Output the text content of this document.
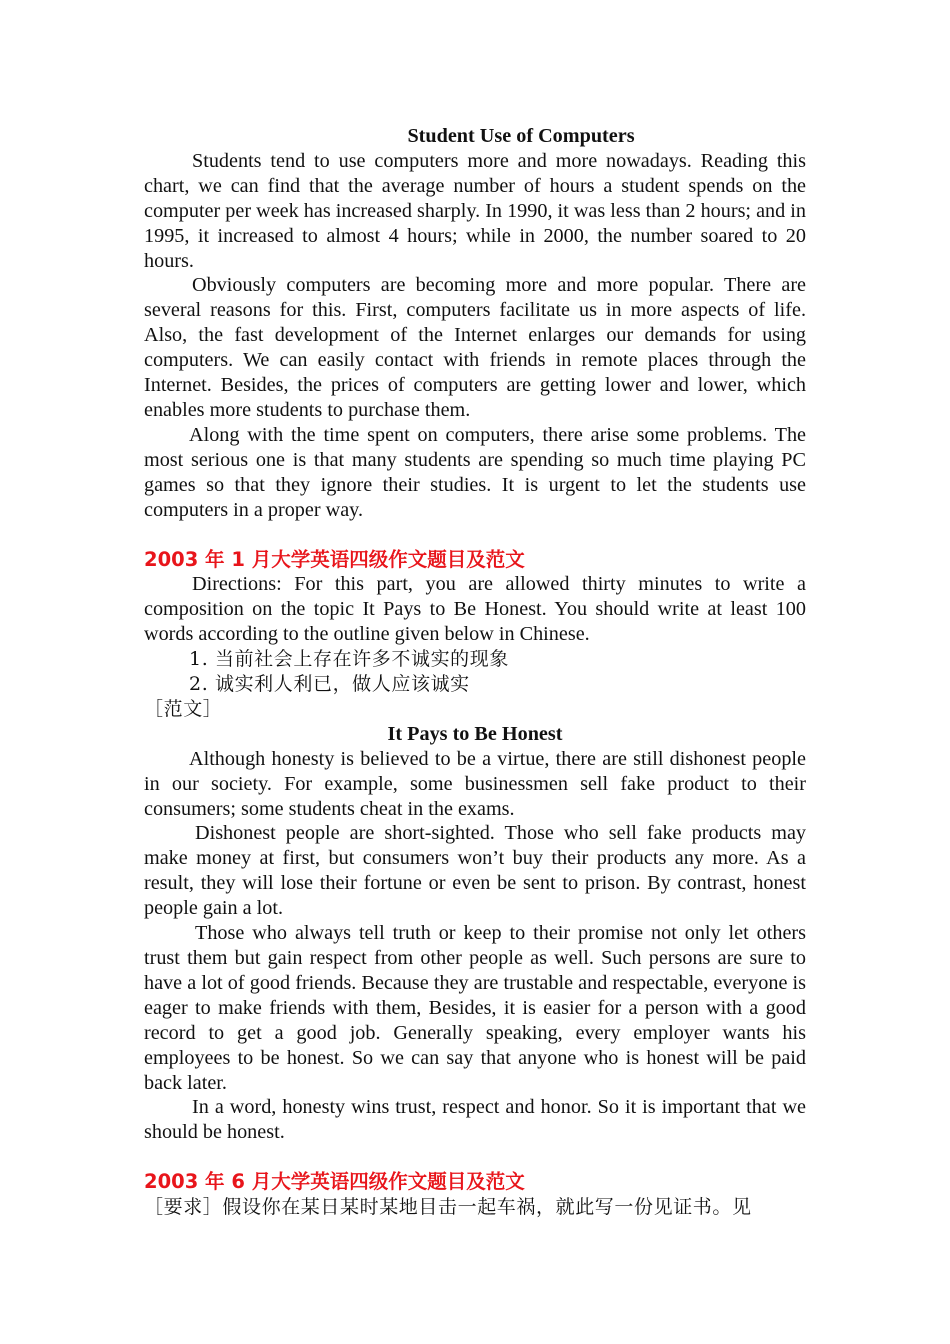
Student Use of Computers

Students tend to use computers more and more nowadays. Reading this chart, we can find that the average number of hours a student spends on the computer per week has increased sharply. In 1990, it was less than 2 hours; and in 1995, it increased to almost 4 hours; while in 2000, the number soared to 20 hours.

Obviously computers are becoming more and more popular. There are several reasons for this. First, computers facilitate us in more aspects of life. Also, the fast development of the Internet enlarges our demands for using computers. We can easily contact with friends in remote places through the Internet. Besides, the prices of computers are getting lower and lower, which enables more students to purchase them.

Along with the time spent on computers, there arise some problems. The most serious one is that many students are spending so much time playing PC games so that they ignore their studies. It is urgent to let the students use computers in a proper way.

2003 年 1 月大学英语四级作文题目及范文

Directions: For this part, you are allowed thirty minutes to write a composition on the topic It Pays to Be Honest. You should write at least 100 words according to the outline given below in Chinese.

1. 当前社会上存在许多不诚实的现象
2. 诚实利人利已，做人应该诚实
［范文］
It Pays to Be Honest

Although honesty is believed to be a virtue, there are still dishonest people in our society. For example, some businessmen sell fake product to their consumers; some students cheat in the exams.

Dishonest people are short-sighted. Those who sell fake products may make money at first, but consumers won’t buy their products any more. As a result, they will lose their fortune or even be sent to prison. By contrast, honest people gain a lot.

Those who always tell truth or keep to their promise not only let others trust them but gain respect from other people as well. Such persons are sure to have a lot of good friends. Because they are trustable and respectable, everyone is eager to make friends with them, Besides, it is easier for a person with a good record to get a good job. Generally speaking, every employer wants his employees to be honest. So we can say that anyone who is honest will be paid back later.

In a word, honesty wins trust, respect and honor. So it is important that we should be honest.

2003 年 6 月大学英语四级作文题目及范文
［要求］假设你在某日某时某地目击一起车祸，就此写一份见证书。见
